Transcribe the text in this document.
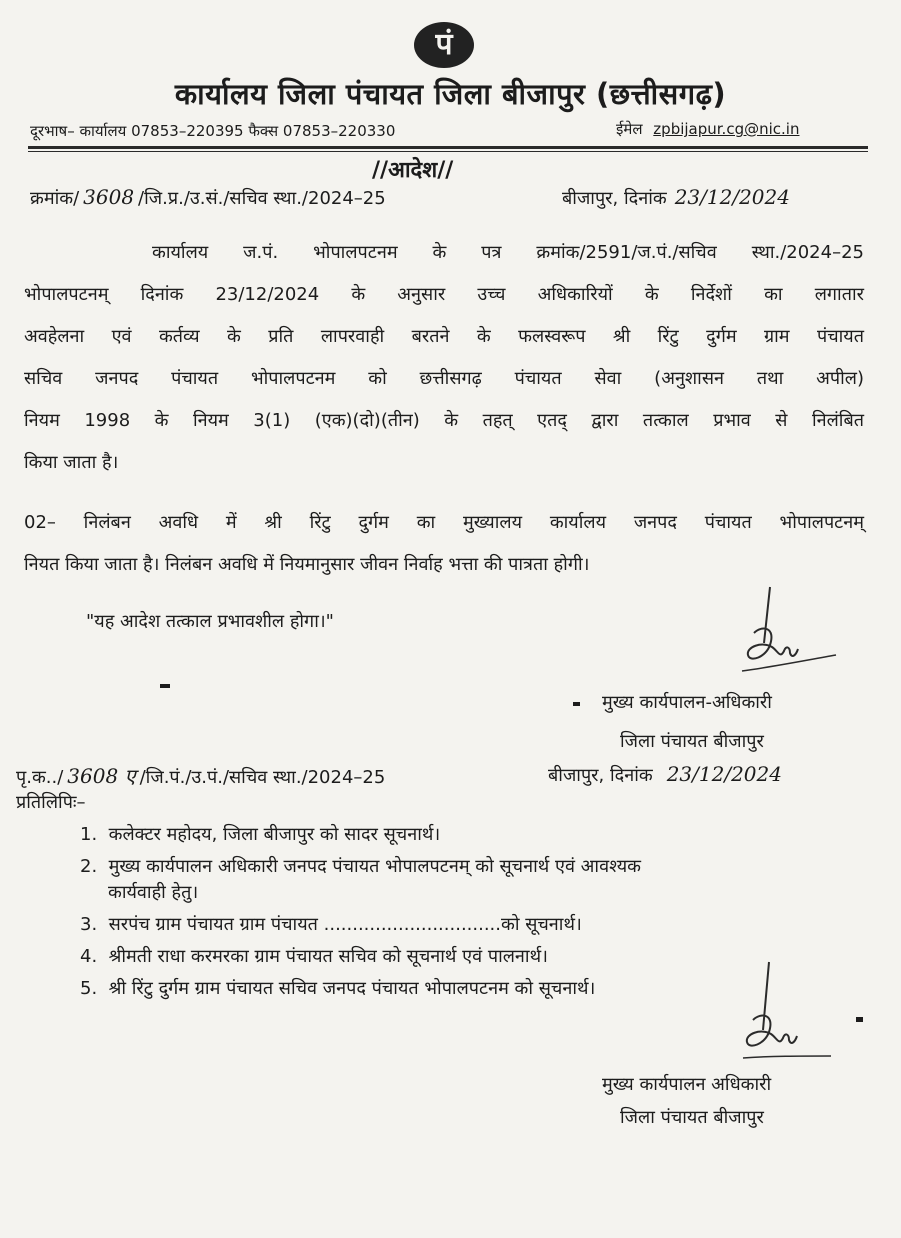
पं
कार्यालय जिला पंचायत जिला बीजापुर (छत्तीसगढ़)
दूरभाष– कार्यालय 07853–220395 फैक्स 07853–220330	ईमेल zpbijapur.cg@nic.in
//आदेश//
क्रमांक/ 3608 /जि.प्र./उ.सं./सचिव स्था./2024–25	बीजापुर, दिनांक 23/12/2024
कार्यालय ज.पं. भोपालपटनम के पत्र क्रमांक/2591/ज.पं./सचिव स्था./2024–25
भोपालपटनम् दिनांक 23/12/2024 के अनुसार उच्च अधिकारियों के निर्देशों का लगातार
अवहेलना एवं कर्तव्य के प्रति लापरवाही बरतने के फलस्वरूप श्री रिंटु दुर्गम ग्राम पंचायत
सचिव जनपद पंचायत भोपालपटनम को छत्तीसगढ़ पंचायत सेवा (अनुशासन तथा अपील)
नियम 1998 के नियम 3(1) (एक)(दो)(तीन) के तहत् एतद् द्वारा तत्काल प्रभाव से निलंबित
किया जाता है।
02– निलंबन अवधि में श्री रिंटु दुर्गम का मुख्यालय कार्यालय जनपद पंचायत भोपालपटनम्
नियत किया जाता है। निलंबन अवधि में नियमानुसार जीवन निर्वाह भत्ता की पात्रता होगी।
"यह आदेश तत्काल प्रभावशील होगा।"
मुख्य कार्यपालन-अधिकारी
जिला पंचायत बीजापुर
पृ.क../ 3608 ए /जि.पं./उ.पं./सचिव स्था./2024–25	बीजापुर, दिनांक 23/12/2024
प्रतिलिपिः–
1. कलेक्टर महोदय, जिला बीजापुर को सादर सूचनार्थ।
2. मुख्य कार्यपालन अधिकारी जनपद पंचायत भोपालपटनम् को सूचनार्थ एवं आवश्यक
कार्यवाही हेतु।
3. सरपंच ग्राम पंचायत ग्राम पंचायत ...............................को सूचनार्थ।
4. श्रीमती राधा करमरका ग्राम पंचायत सचिव को सूचनार्थ एवं पालनार्थ।
5. श्री रिंटु दुर्गम ग्राम पंचायत सचिव जनपद पंचायत भोपालपटनम को सूचनार्थ।
मुख्य कार्यपालन अधिकारी
जिला पंचायत बीजापुर
